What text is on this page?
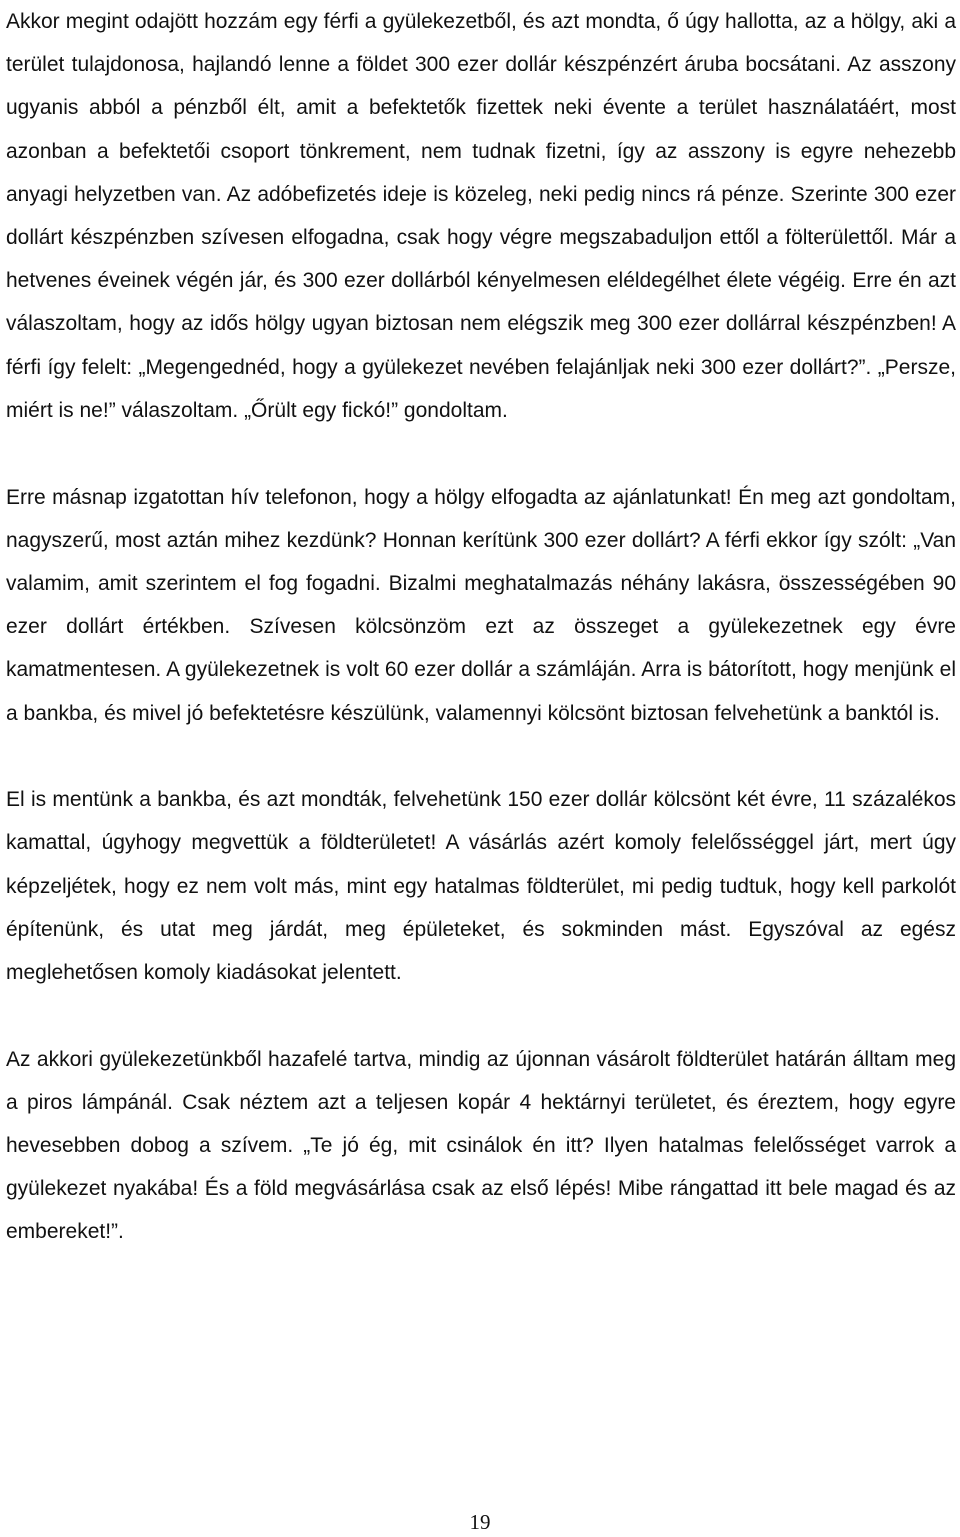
Akkor megint odajött hozzám egy férfi a gyülekezetből, és azt mondta, ő úgy hallotta, az a hölgy, aki a terület tulajdonosa, hajlandó lenne a földet 300 ezer dollár készpénzért áruba bocsátani. Az asszony ugyanis abból a pénzből élt, amit a befektetők fizettek neki évente a terület használatáért, most azonban a befektetői csoport tönkrement, nem tudnak fizetni, így az asszony is egyre nehezebb anyagi helyzetben van. Az adóbefizetés ideje is közeleg, neki pedig nincs rá pénze. Szerinte 300 ezer dollárt készpénzben szívesen elfogadna, csak hogy végre megszabaduljon ettől a fölterülettől. Már a hetvenes éveinek végén jár, és 300 ezer dollárból kényelmesen eléldegélhet élete végéig. Erre én azt válaszoltam, hogy az idős hölgy ugyan biztosan nem elégszik meg 300 ezer dollárral készpénzben! A férfi így felelt: „Megengednéd, hogy a gyülekezet nevében felajánljak neki 300 ezer dollárt?”. „Persze, miért is ne!” válaszoltam. „Őrült egy fickó!” gondoltam.

Erre másnap izgatottan hív telefonon, hogy a hölgy elfogadta az ajánlatunkat! Én meg azt gondoltam, nagyszerű, most aztán mihez kezdünk? Honnan kerítünk 300 ezer dollárt? A férfi ekkor így szólt: „Van valamim, amit szerintem el fog fogadni. Bizalmi meghatalmazás néhány lakásra, összességében 90 ezer dollárt értékben. Szívesen kölcsönzöm ezt az összeget a gyülekezetnek egy évre kamatmentesen. A gyülekezetnek is volt 60 ezer dollár a számláján. Arra is bátorított, hogy menjünk el a bankba, és mivel jó befektetésre készülünk, valamennyi kölcsönt biztosan felvehetünk a banktól is.

El is mentünk a bankba, és azt mondták, felvehetünk 150 ezer dollár kölcsönt két évre, 11 százalékos kamattal, úgyhogy megvettük a földterületet! A vásárlás azért komoly felelősséggel járt, mert úgy képzeljétek, hogy ez nem volt más, mint egy hatalmas földterület, mi pedig tudtuk, hogy kell parkolót építenünk, és utat meg járdát, meg épületeket, és sokminden mást. Egyszóval az egész meglehetősen komoly kiadásokat jelentett.

Az akkori gyülekezetünkből hazafelé tartva, mindig az újonnan vásárolt földterület határán álltam meg a piros lámpánál. Csak néztem azt a teljesen kopár 4 hektárnyi területet, és éreztem, hogy egyre hevesebben dobog a szívem. „Te jó ég, mit csinálok én itt? Ilyen hatalmas felelősséget varrok a gyülekezet nyakába! És a föld megvásárlása csak az első lépés! Mibe rángattad itt bele magad és az embereket!”.

19
